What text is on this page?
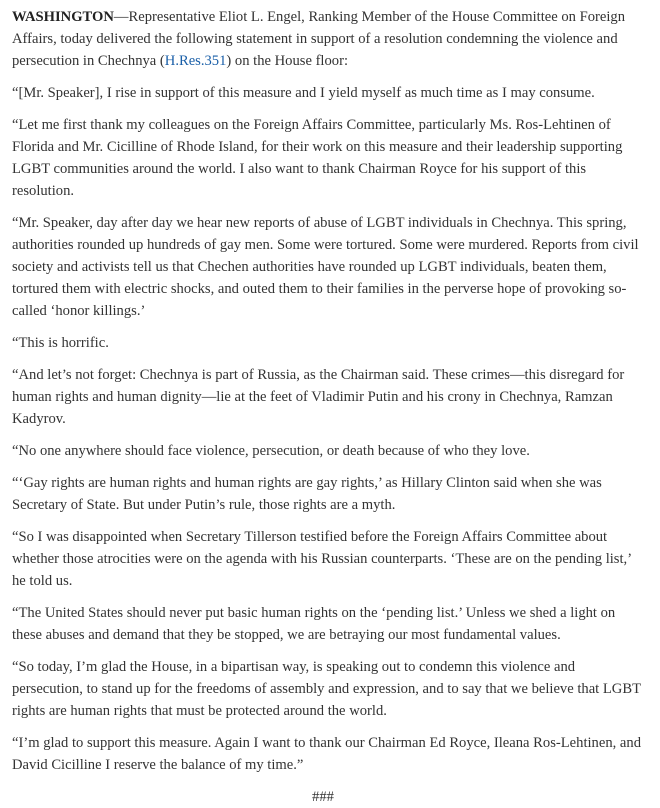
WASHINGTON—Representative Eliot L. Engel, Ranking Member of the House Committee on Foreign Affairs, today delivered the following statement in support of a resolution condemning the violence and persecution in Chechnya (H.Res.351) on the House floor:

“[Mr. Speaker], I rise in support of this measure and I yield myself as much time as I may consume.

“Let me first thank my colleagues on the Foreign Affairs Committee, particularly Ms. Ros-Lehtinen of Florida and Mr. Cicilline of Rhode Island, for their work on this measure and their leadership supporting LGBT communities around the world. I also want to thank Chairman Royce for his support of this resolution.

“Mr. Speaker, day after day we hear new reports of abuse of LGBT individuals in Chechnya. This spring, authorities rounded up hundreds of gay men. Some were tortured. Some were murdered. Reports from civil society and activists tell us that Chechen authorities have rounded up LGBT individuals, beaten them, tortured them with electric shocks, and outed them to their families in the perverse hope of provoking so-called ‘honor killings.’

“This is horrific.

“And let’s not forget: Chechnya is part of Russia, as the Chairman said. These crimes—this disregard for human rights and human dignity—lie at the feet of Vladimir Putin and his crony in Chechnya, Ramzan Kadyrov.

“No one anywhere should face violence, persecution, or death because of who they love.

“‘Gay rights are human rights and human rights are gay rights,’ as Hillary Clinton said when she was Secretary of State. But under Putin’s rule, those rights are a myth.

“So I was disappointed when Secretary Tillerson testified before the Foreign Affairs Committee about whether those atrocities were on the agenda with his Russian counterparts. ‘These are on the pending list,’ he told us.

“The United States should never put basic human rights on the ‘pending list.’ Unless we shed a light on these abuses and demand that they be stopped, we are betraying our most fundamental values.

“So today, I’m glad the House, in a bipartisan way, is speaking out to condemn this violence and persecution, to stand up for the freedoms of assembly and expression, and to say that we believe that LGBT rights are human rights that must be protected around the world.

“I’m glad to support this measure. Again I want to thank our Chairman Ed Royce, Ileana Ros-Lehtinen, and David Cicilline I reserve the balance of my time.”

###
